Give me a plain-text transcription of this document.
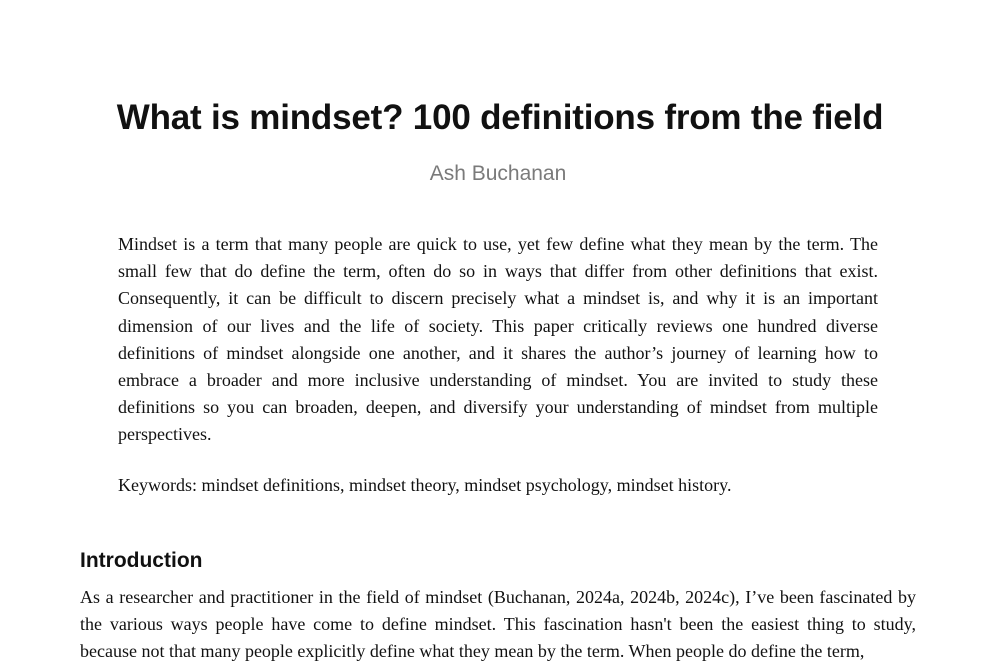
What is mindset? 100 definitions from the field
Ash Buchanan

Mindset is a term that many people are quick to use, yet few define what they mean by the term. The small few that do define the term, often do so in ways that differ from other definitions that exist. Consequently, it can be difficult to discern precisely what a mindset is, and why it is an important dimension of our lives and the life of society. This paper critically reviews one hundred diverse definitions of mindset alongside one another, and it shares the author’s journey of learning how to embrace a broader and more inclusive understanding of mindset. You are invited to study these definitions so you can broaden, deepen, and diversify your understanding of mindset from multiple perspectives.

Keywords: mindset definitions, mindset theory, mindset psychology, mindset history.

Introduction

As a researcher and practitioner in the field of mindset (Buchanan, 2024a, 2024b, 2024c), I’ve been fascinated by the various ways people have come to define mindset. This fascination hasn't been the easiest thing to study, because not that many people explicitly define what they mean by the term. When people do define the term,
